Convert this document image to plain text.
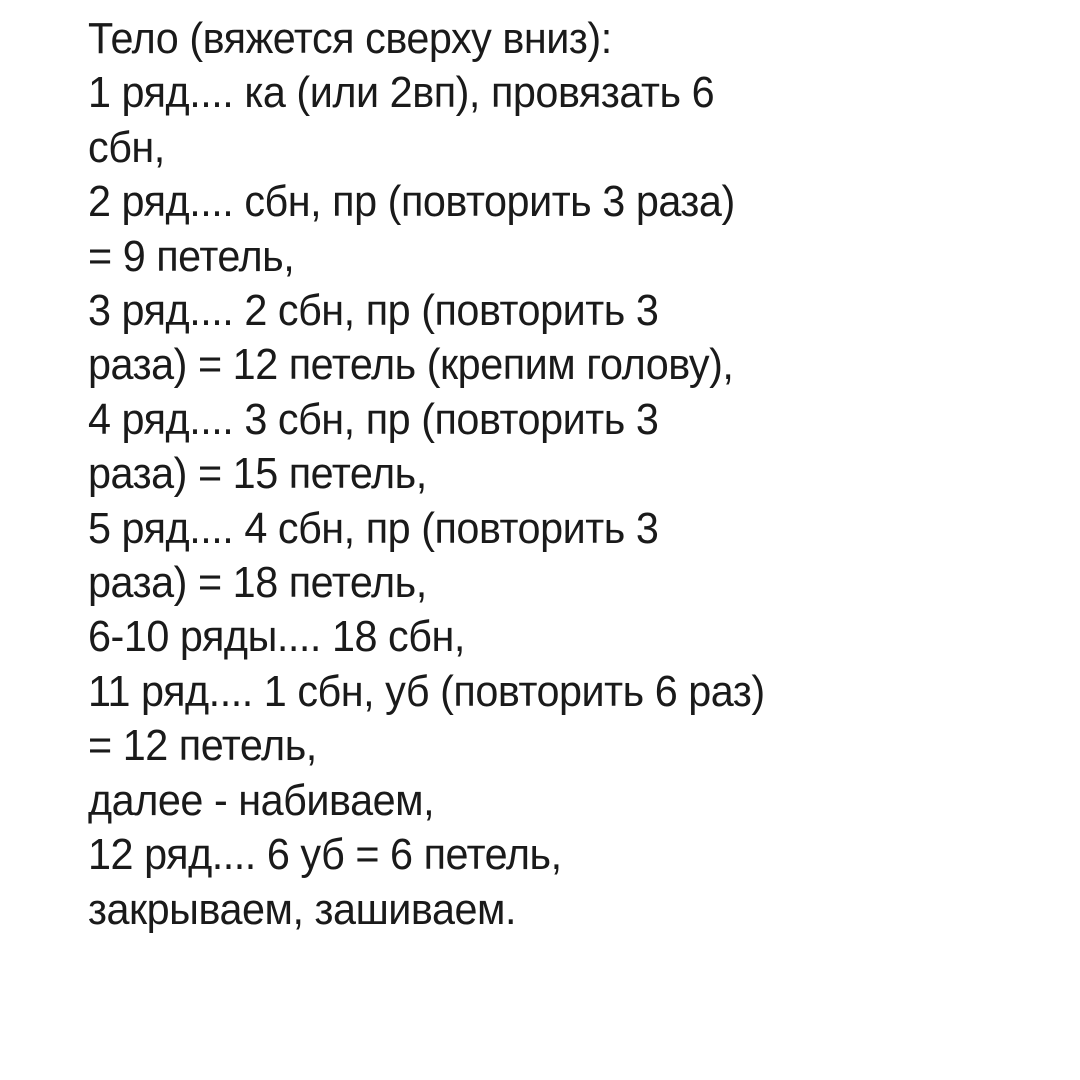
Тело (вяжется сверху вниз):
1 ряд.... ка (или 2вп), провязать 6
сбн,
2 ряд.... сбн, пр (повторить 3 раза)
= 9 петель,
3 ряд.... 2 сбн, пр (повторить 3
раза) = 12 петель (крепим голову),
4 ряд.... 3 сбн, пр (повторить 3
раза) = 15 петель,
5 ряд.... 4 сбн, пр (повторить 3
раза) = 18 петель,
6-10 ряды.... 18 сбн,
11 ряд.... 1 сбн, уб (повторить 6 раз)
= 12 петель,
далее - набиваем,
12 ряд.... 6 уб = 6 петель,
закрываем, зашиваем.
